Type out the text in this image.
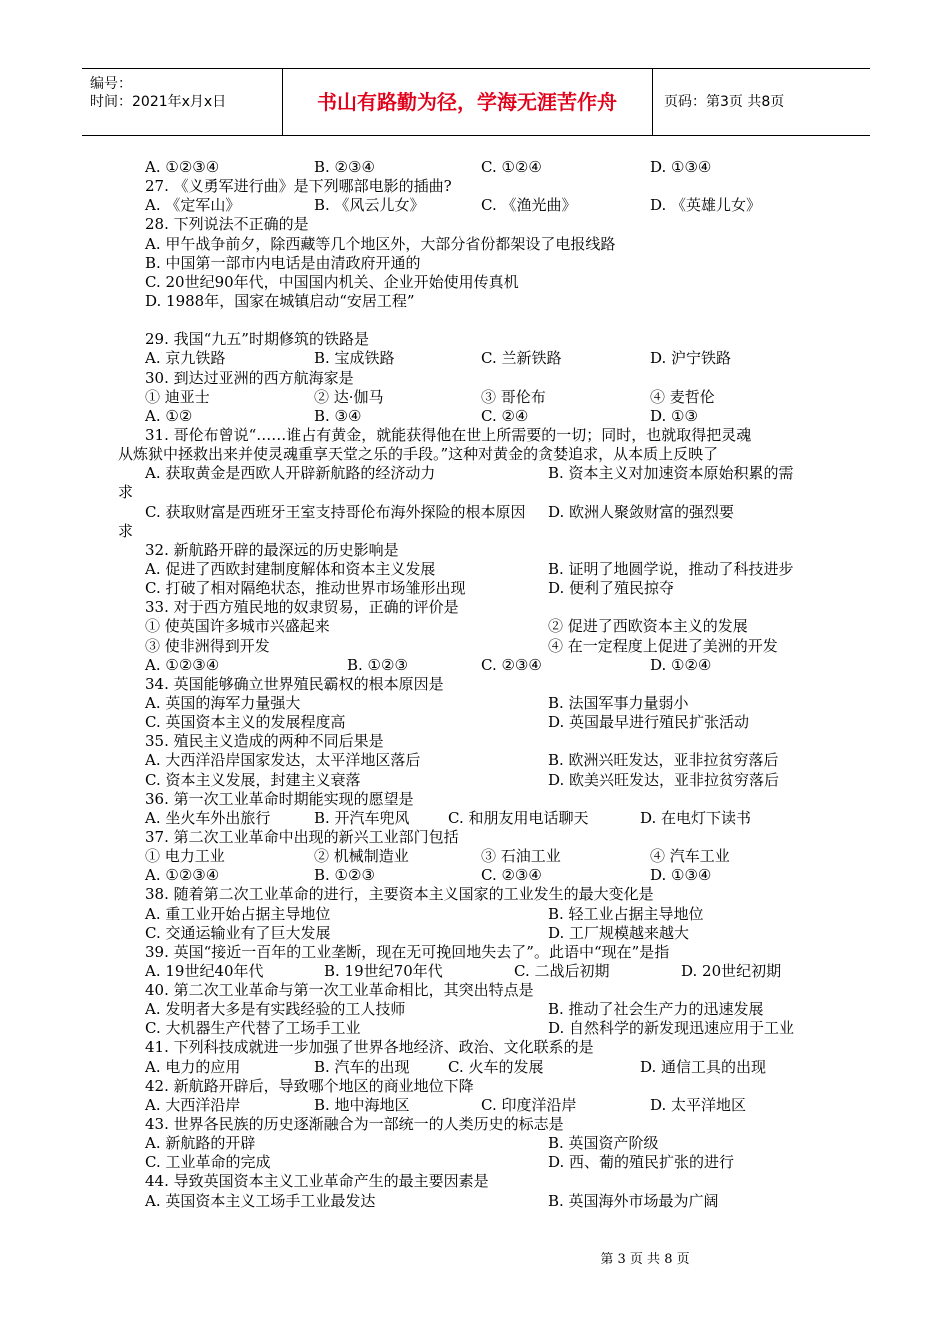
编号：
时间：2021年x月x日	书山有路勤为径，学海无涯苦作舟	页码：第3页 共8页
A. ①②③④	B. ②③④	C. ①②④	D. ①③④
27. 《义勇军进行曲》是下列哪部电影的插曲?
A. 《定军山》	B. 《风云儿女》	C. 《渔光曲》	D. 《英雄儿女》
28. 下列说法不正确的是
A. 甲午战争前夕，除西藏等几个地区外，大部分省份都架设了电报线路
B. 中国第一部市内电话是由清政府开通的
C. 20世纪90年代，中国国内机关、企业开始使用传真机
D. 1988年，国家在城镇启动“安居工程”
29. 我国“九五”时期修筑的铁路是
A. 京九铁路	B. 宝成铁路	C. 兰新铁路	D. 沪宁铁路
30. 到达过亚洲的西方航海家是
① 迪亚士	② 达·伽马	③ 哥伦布	④ 麦哲伦
A. ①②	B. ③④	C. ②④	D. ①③
31. 哥伦布曾说“……谁占有黄金，就能获得他在世上所需要的一切；同时，也就取得把灵魂
从炼狱中拯救出来并使灵魂重享天堂之乐的手段。”这种对黄金的贪婪追求，从本质上反映了
A. 获取黄金是西欧人开辟新航路的经济动力	B. 资本主义对加速资本原始积累的需
求
C. 获取财富是西班牙王室支持哥伦布海外探险的根本原因 D. 欧洲人聚敛财富的强烈要
求
32. 新航路开辟的最深远的历史影响是
A. 促进了西欧封建制度解体和资本主义发展	B. 证明了地圆学说，推动了科技进步
C. 打破了相对隔绝状态，推动世界市场雏形出现	D. 便利了殖民掠夺
33. 对于西方殖民地的奴隶贸易，正确的评价是
① 使英国许多城市兴盛起来	② 促进了西欧资本主义的发展
③ 使非洲得到开发	④ 在一定程度上促进了美洲的开发
A. ①②③④	B. ①②③	C. ②③④	D. ①②④
34. 英国能够确立世界殖民霸权的根本原因是
A. 英国的海军力量强大	B. 法国军事力量弱小
C. 英国资本主义的发展程度高	D. 英国最早进行殖民扩张活动
35. 殖民主义造成的两种不同后果是
A. 大西洋沿岸国家发达，太平洋地区落后	B. 欧洲兴旺发达，亚非拉贫穷落后
C. 资本主义发展，封建主义衰落	D. 欧美兴旺发达，亚非拉贫穷落后
36. 第一次工业革命时期能实现的愿望是
A. 坐火车外出旅行	B. 开汽车兜风	C. 和朋友用电话聊天	D. 在电灯下读书
37. 第二次工业革命中出现的新兴工业部门包括
① 电力工业	② 机械制造业	③ 石油工业	④ 汽车工业
A. ①②③④	B. ①②③	C. ②③④	D. ①③④
38. 随着第二次工业革命的进行，主要资本主义国家的工业发生的最大变化是
A. 重工业开始占据主导地位	B. 轻工业占据主导地位
C. 交通运输业有了巨大发展	D. 工厂规模越来越大
39. 英国“接近一百年的工业垄断，现在无可挽回地失去了”。此语中“现在”是指
A. 19世纪40年代	B. 19世纪70年代	C. 二战后初期	D. 20世纪初期
40. 第二次工业革命与第一次工业革命相比，其突出特点是
A. 发明者大多是有实践经验的工人技师	B. 推动了社会生产力的迅速发展
C. 大机器生产代替了工场手工业	D. 自然科学的新发现迅速应用于工业
41. 下列科技成就进一步加强了世界各地经济、政治、文化联系的是
A. 电力的应用	B. 汽车的出现	C. 火车的发展	D. 通信工具的出现
42. 新航路开辟后，导致哪个地区的商业地位下降
A. 大西洋沿岸	B. 地中海地区	C. 印度洋沿岸	D. 太平洋地区
43. 世界各民族的历史逐渐融合为一部统一的人类历史的标志是
A. 新航路的开辟	B. 英国资产阶级
C. 工业革命的完成	D. 西、葡的殖民扩张的进行
44. 导致英国资本主义工业革命产生的最主要因素是
A. 英国资本主义工场手工业最发达	B. 英国海外市场最为广阔
第 3 页 共 8 页
